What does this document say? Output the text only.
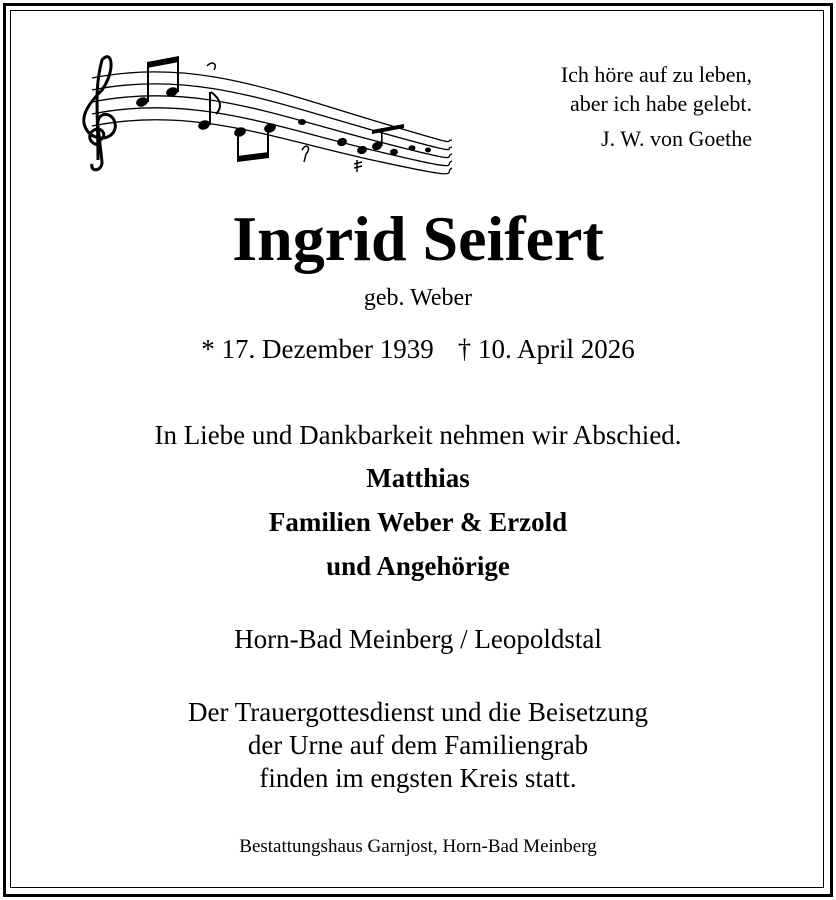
Ich höre auf zu leben,
aber ich habe gelebt.

J. W. von Goethe
Ingrid Seifert
geb. Weber
* 17. Dezember 1939 † 10. April 2026
In Liebe und Dankbarkeit nehmen wir Abschied.
Matthias
Familien Weber & Erzold
und Angehörige
Horn-Bad Meinberg / Leopoldstal
Der Trauergottesdienst und die Beisetzung
der Urne auf dem Familiengrab
finden im engsten Kreis statt.
Bestattungshaus Garnjost, Horn-Bad Meinberg
